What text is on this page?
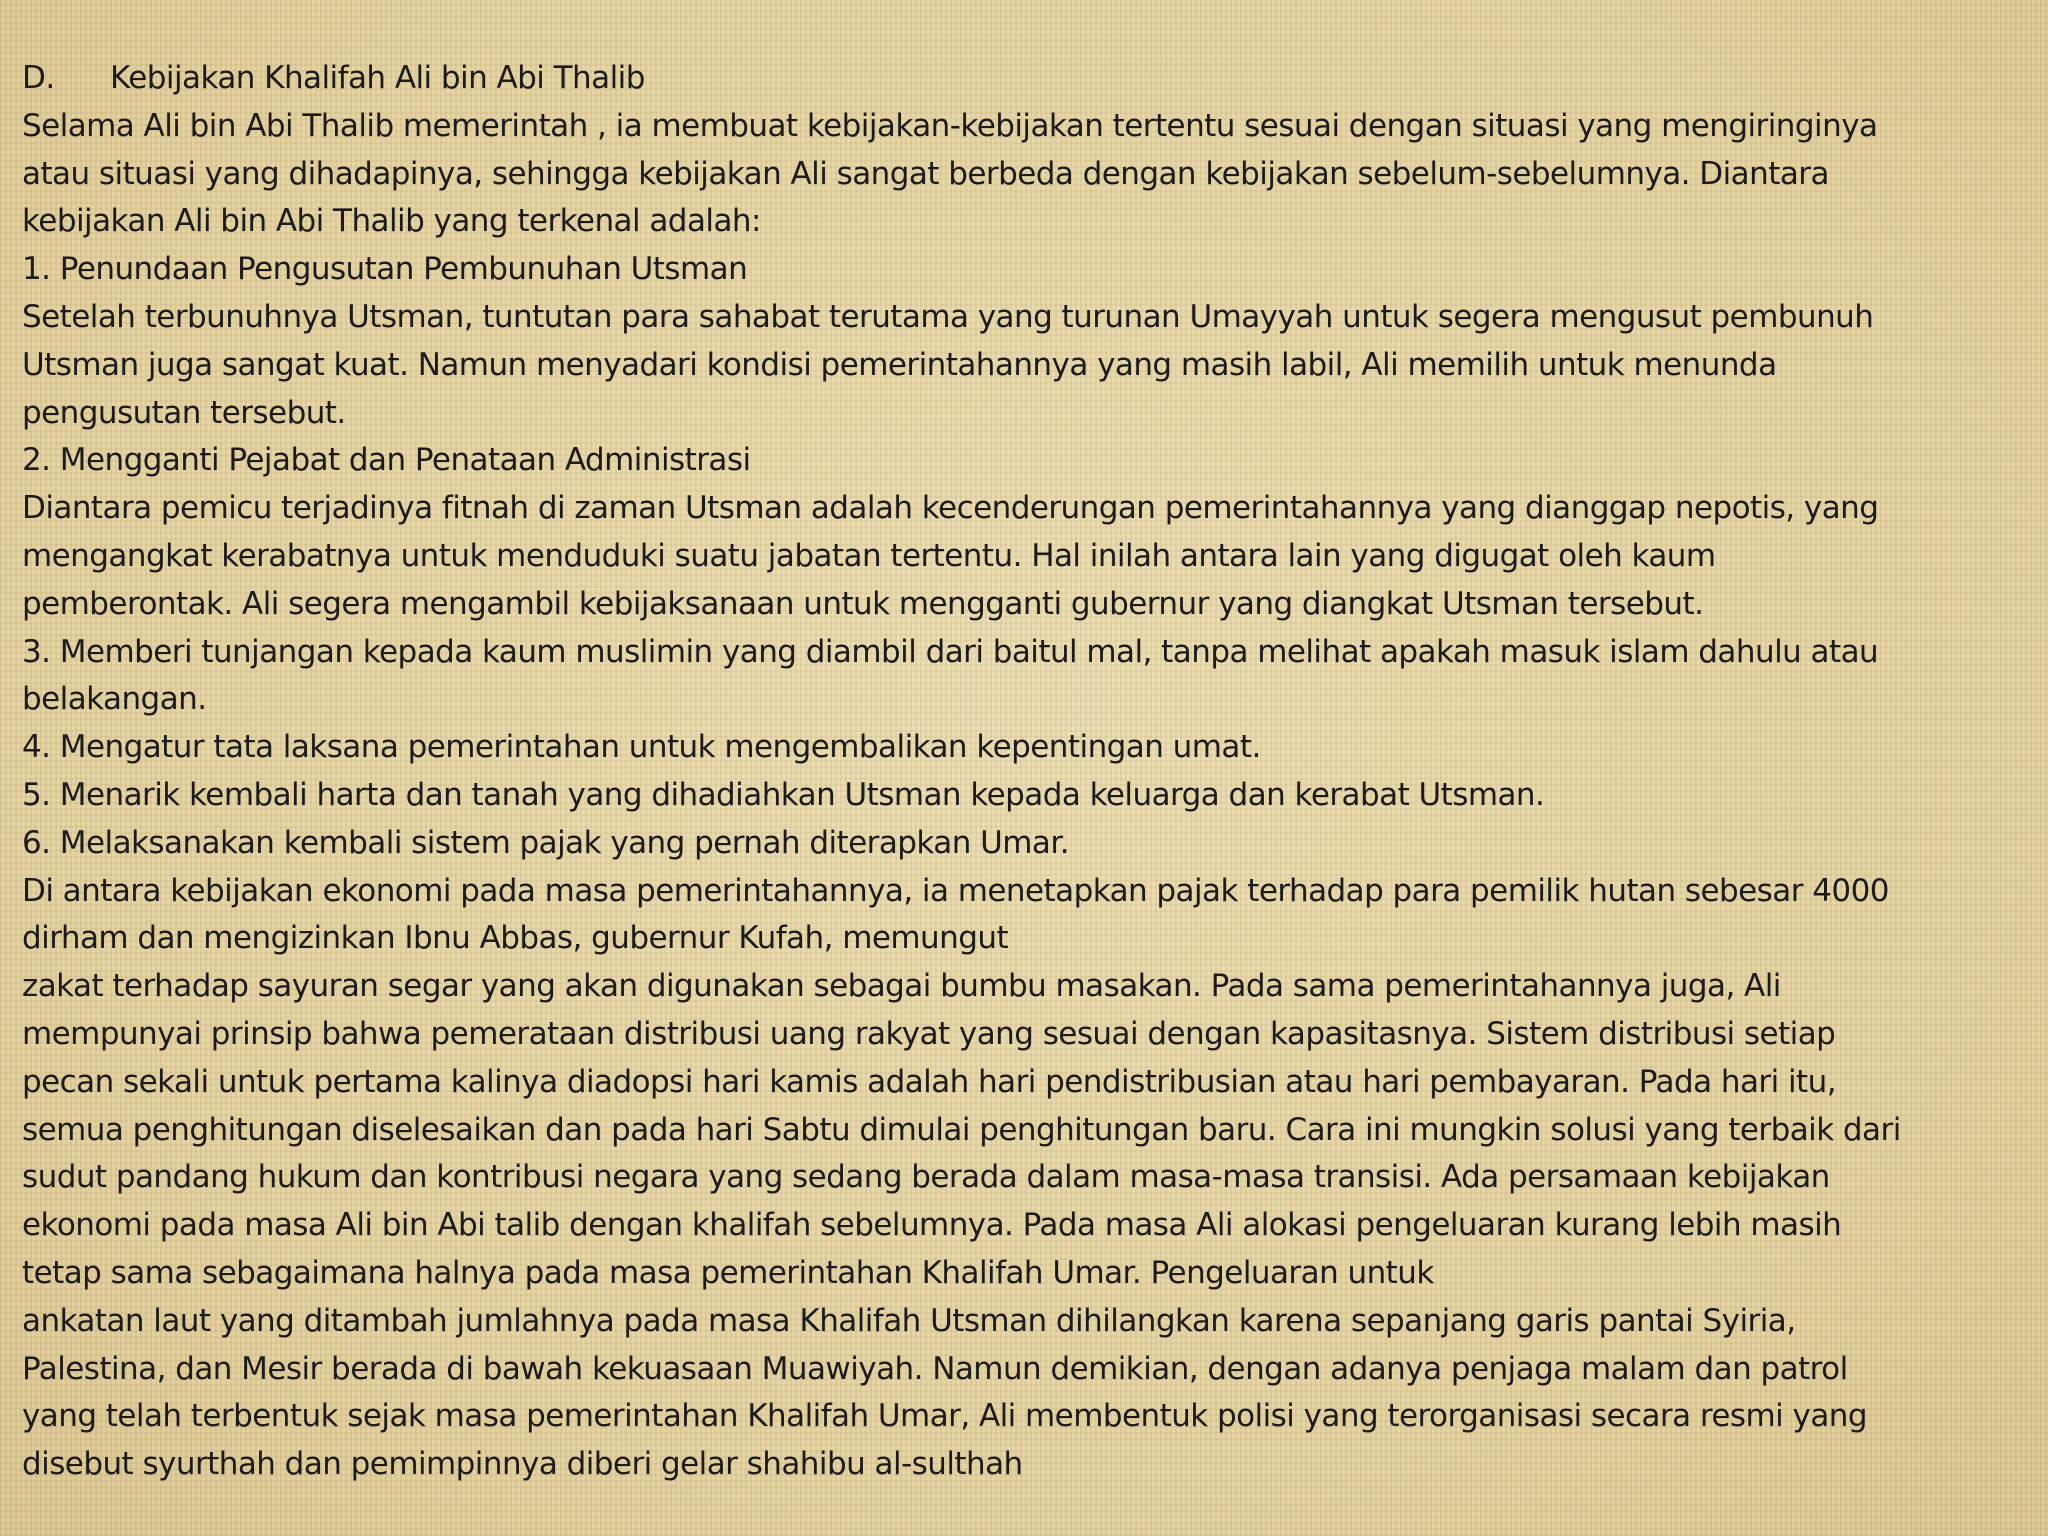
D. Kebijakan Khalifah Ali bin Abi Thalib
Selama Ali bin Abi Thalib memerintah , ia membuat kebijakan-kebijakan tertentu sesuai dengan situasi yang mengiringinya
atau situasi yang dihadapinya, sehingga kebijakan Ali sangat berbeda dengan kebijakan sebelum-sebelumnya. Diantara
kebijakan Ali bin Abi Thalib yang terkenal adalah:
1. Penundaan Pengusutan Pembunuhan Utsman
Setelah terbunuhnya Utsman, tuntutan para sahabat terutama yang turunan Umayyah untuk segera mengusut pembunuh
Utsman juga sangat kuat. Namun menyadari kondisi pemerintahannya yang masih labil, Ali memilih untuk menunda
pengusutan tersebut.
2. Mengganti Pejabat dan Penataan Administrasi
Diantara pemicu terjadinya fitnah di zaman Utsman adalah kecenderungan pemerintahannya yang dianggap nepotis, yang
mengangkat kerabatnya untuk menduduki suatu jabatan tertentu. Hal inilah antara lain yang digugat oleh kaum
pemberontak. Ali segera mengambil kebijaksanaan untuk mengganti gubernur yang diangkat Utsman tersebut.
3. Memberi tunjangan kepada kaum muslimin yang diambil dari baitul mal, tanpa melihat apakah masuk islam dahulu atau
belakangan.
4. Mengatur tata laksana pemerintahan untuk mengembalikan kepentingan umat.
5. Menarik kembali harta dan tanah yang dihadiahkan Utsman kepada keluarga dan kerabat Utsman.
6. Melaksanakan kembali sistem pajak yang pernah diterapkan Umar.
Di antara kebijakan ekonomi pada masa pemerintahannya, ia menetapkan pajak terhadap para pemilik hutan sebesar 4000
dirham dan mengizinkan Ibnu Abbas, gubernur Kufah, memungut
zakat terhadap sayuran segar yang akan digunakan sebagai bumbu masakan. Pada sama pemerintahannya juga, Ali
mempunyai prinsip bahwa pemerataan distribusi uang rakyat yang sesuai dengan kapasitasnya. Sistem distribusi setiap
pecan sekali untuk pertama kalinya diadopsi hari kamis adalah hari pendistribusian atau hari pembayaran. Pada hari itu,
semua penghitungan diselesaikan dan pada hari Sabtu dimulai penghitungan baru. Cara ini mungkin solusi yang terbaik dari
sudut pandang hukum dan kontribusi negara yang sedang berada dalam masa-masa transisi. Ada persamaan kebijakan
ekonomi pada masa Ali bin Abi talib dengan khalifah sebelumnya. Pada masa Ali alokasi pengeluaran kurang lebih masih
tetap sama sebagaimana halnya pada masa pemerintahan Khalifah Umar. Pengeluaran untuk
ankatan laut yang ditambah jumlahnya pada masa Khalifah Utsman dihilangkan karena sepanjang garis pantai Syiria,
Palestina, dan Mesir berada di bawah kekuasaan Muawiyah. Namun demikian, dengan adanya penjaga malam dan patrol
yang telah terbentuk sejak masa pemerintahan Khalifah Umar, Ali membentuk polisi yang terorganisasi secara resmi yang
disebut syurthah dan pemimpinnya diberi gelar shahibu al-sulthah
